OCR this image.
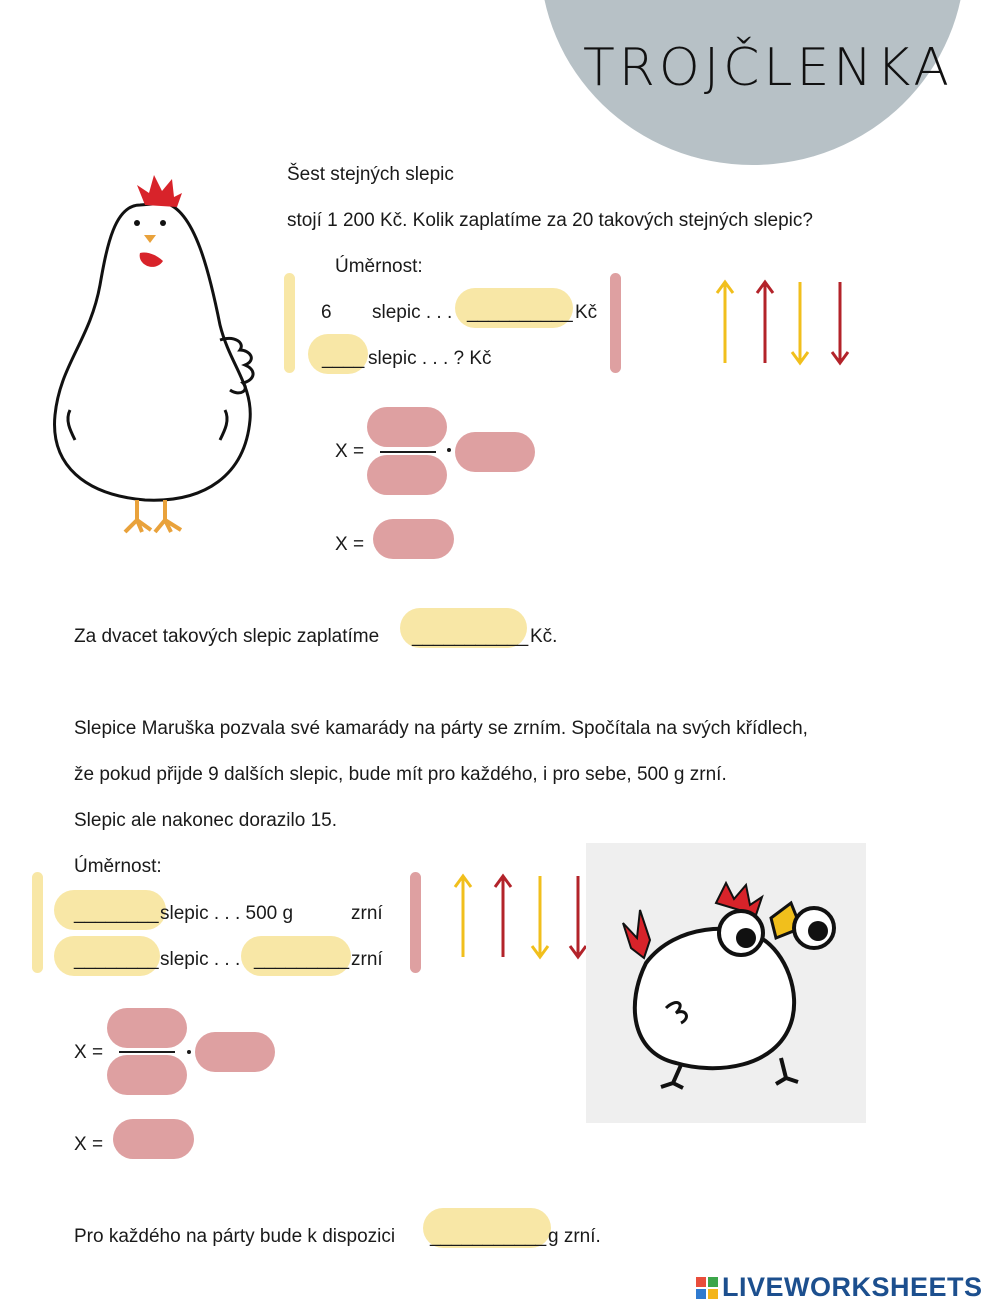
TROJČLENKA
Šest stejných slepic
stojí 1 200 Kč. Kolik zaplatíme za 20 takových stejných slepic?
Úměrnost:
6 slepic . . . __________ Kč
____ slepic . . . ? Kč
X =
X =
Za dvacet takových slepic zaplatíme ___________ Kč.
Slepice Maruška pozvala své kamarády na párty se zrním. Spočítala na svých křídlech,
že pokud přijde 9 dalších slepic, bude mít pro každého, i pro sebe, 500 g zrní.
Slepic ale nakonec dorazilo 15.
Úměrnost:
________ slepic . . . 500 g	zrní
________ slepic . . . _________ zrní
X =
X =
Pro každého na párty bude k dispozici ___________ g zrní.
LIVEWORKSHEETS
